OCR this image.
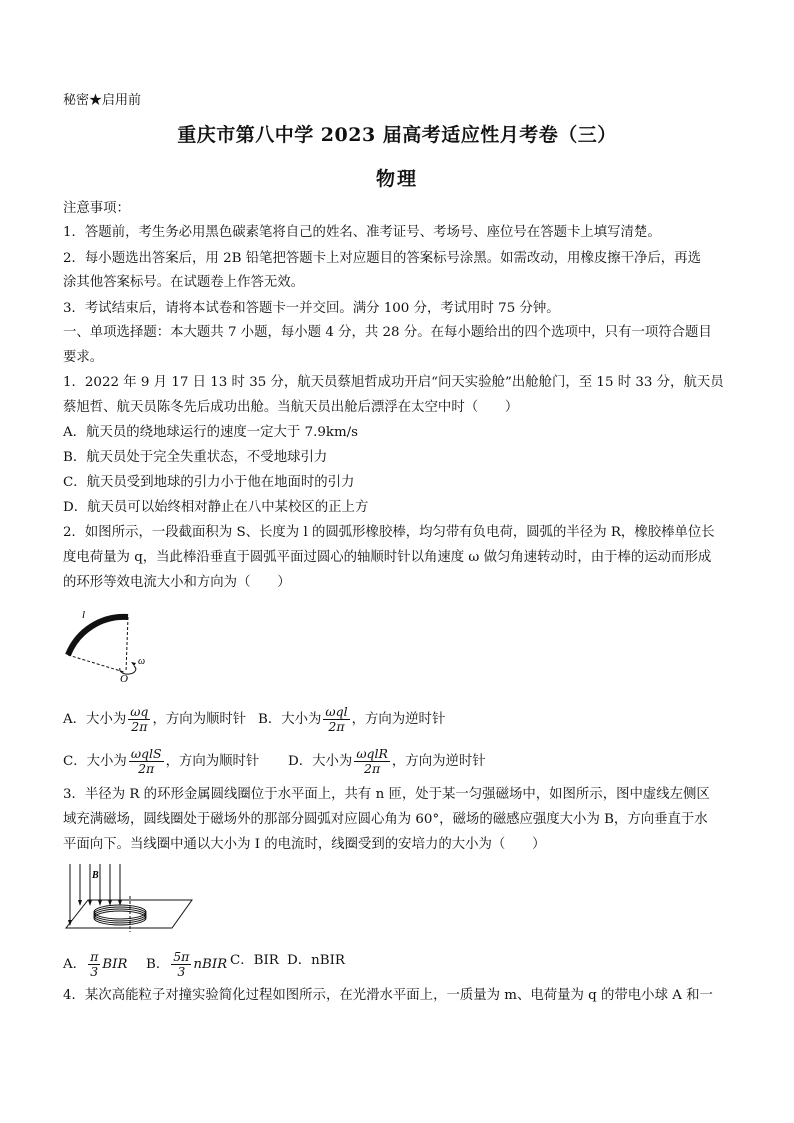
秘密★启用前
重庆市第八中学 2023 届高考适应性月考卷（三）
物理
注意事项：
1．答题前，考生务必用黑色碳素笔将自己的姓名、准考证号、考场号、座位号在答题卡上填写清楚。
2．每小题选出答案后，用 2B 铅笔把答题卡上对应题目的答案标号涂黑。如需改动，用橡皮擦干净后，再选
涂其他答案标号。在试题卷上作答无效。
3．考试结束后，请将本试卷和答题卡一并交回。满分 100 分，考试用时 75 分钟。
一、单项选择题：本大题共 7 小题，每小题 4 分，共 28 分。在每小题给出的四个选项中，只有一项符合题目
要求。
1．2022 年 9 月 17 日 13 时 35 分，航天员蔡旭哲成功开启“问天实验舱”出舱舱门，至 15 时 33 分，航天员
蔡旭哲、航天员陈冬先后成功出舱。当航天员出舱后漂浮在太空中时（　　）
A．航天员的绕地球运行的速度一定大于 7.9km/s
B．航天员处于完全失重状态，不受地球引力
C．航天员受到地球的引力小于他在地面时的引力
D．航天员可以始终相对静止在八中某校区的正上方
2．如图所示，一段截面积为 S、长度为 l 的圆弧形橡胶棒，均匀带有负电荷，圆弧的半径为 R，橡胶棒单位长
度电荷量为 q，当此棒沿垂直于圆弧平面过圆心的轴顺时针以角速度 ω 做匀角速转动时，由于棒的运动而形成
的环形等效电流大小和方向为（　　）
l
O
ω
A．大小为 $\frac{\omega q}{2\pi}$ ，方向为顺时针 B．大小为 $\frac{\text{ωql}}{2\pi}$ ，方向为逆时针
C．大小为 $\frac{\text{ωqlS}}{2\pi}$ ，方向为顺时针 D．大小为 $\frac{\text{ωqlR}}{2\pi}$ ，方向为逆时针
3．半径为 R 的环形金属圆线圈位于水平面上，共有 n 匝，处于某一匀强磁场中，如图所示，图中虚线左侧区
域充满磁场，圆线圈处于磁场外的那部分圆弧对应圆心角为 60°，磁场的磁感应强度大小为 B，方向垂直于水
平面向下。当线圈中通以大小为 I 的电流时，线圈受到的安培力的大小为（　　）
B
A． $\frac{\pi}{3}$ BIR B． $\frac{5\pi}{3}$ nBIR C．BIR D．nBIR
4．某次高能粒子对撞实验简化过程如图所示，在光滑水平面上，一质量为 m、电荷量为 q 的带电小球 A 和一
